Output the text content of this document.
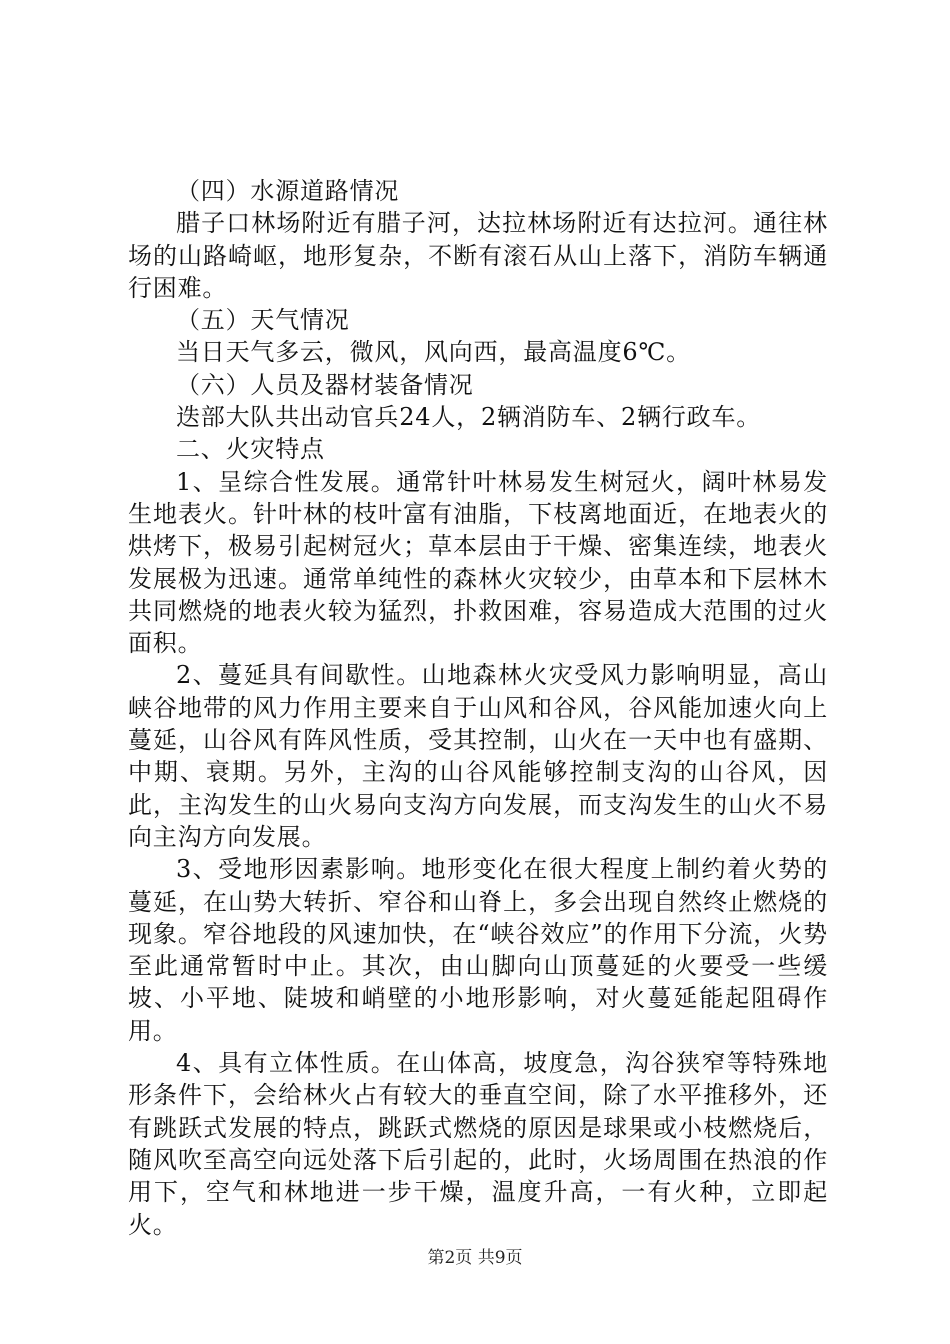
（四）水源道路情况

腊子口林场附近有腊子河，达拉林场附近有达拉河。通往林场的山路崎岖，地形复杂，不断有滚石从山上落下，消防车辆通行困难。

（五）天气情况

当日天气多云，微风，风向西，最高温度6℃。

（六）人员及器材装备情况

迭部大队共出动官兵24人，2辆消防车、2辆行政车。

二、火灾特点

1、呈综合性发展。通常针叶林易发生树冠火，阔叶林易发生地表火。针叶林的枝叶富有油脂，下枝离地面近，在地表火的烘烤下，极易引起树冠火；草本层由于干燥、密集连续，地表火发展极为迅速。通常单纯性的森林火灾较少，由草本和下层林木共同燃烧的地表火较为猛烈，扑救困难，容易造成大范围的过火面积。

2、蔓延具有间歇性。山地森林火灾受风力影响明显，高山峡谷地带的风力作用主要来自于山风和谷风，谷风能加速火向上蔓延，山谷风有阵风性质，受其控制，山火在一天中也有盛期、中期、衰期。另外，主沟的山谷风能够控制支沟的山谷风，因此，主沟发生的山火易向支沟方向发展，而支沟发生的山火不易向主沟方向发展。

3、受地形因素影响。地形变化在很大程度上制约着火势的蔓延，在山势大转折、窄谷和山脊上，多会出现自然终止燃烧的现象。窄谷地段的风速加快，在“峡谷效应”的作用下分流，火势至此通常暂时中止。其次，由山脚向山顶蔓延的火要受一些缓坡、小平地、陡坡和峭壁的小地形影响，对火蔓延能起阻碍作用。

4、具有立体性质。在山体高，坡度急，沟谷狭窄等特殊地形条件下，会给林火占有较大的垂直空间，除了水平推移外，还有跳跃式发展的特点，跳跃式燃烧的原因是球果或小枝燃烧后，随风吹至高空向远处落下后引起的，此时，火场周围在热浪的作用下，空气和林地进一步干燥，温度升高，一有火种，立即起火。

第2页 共9页
